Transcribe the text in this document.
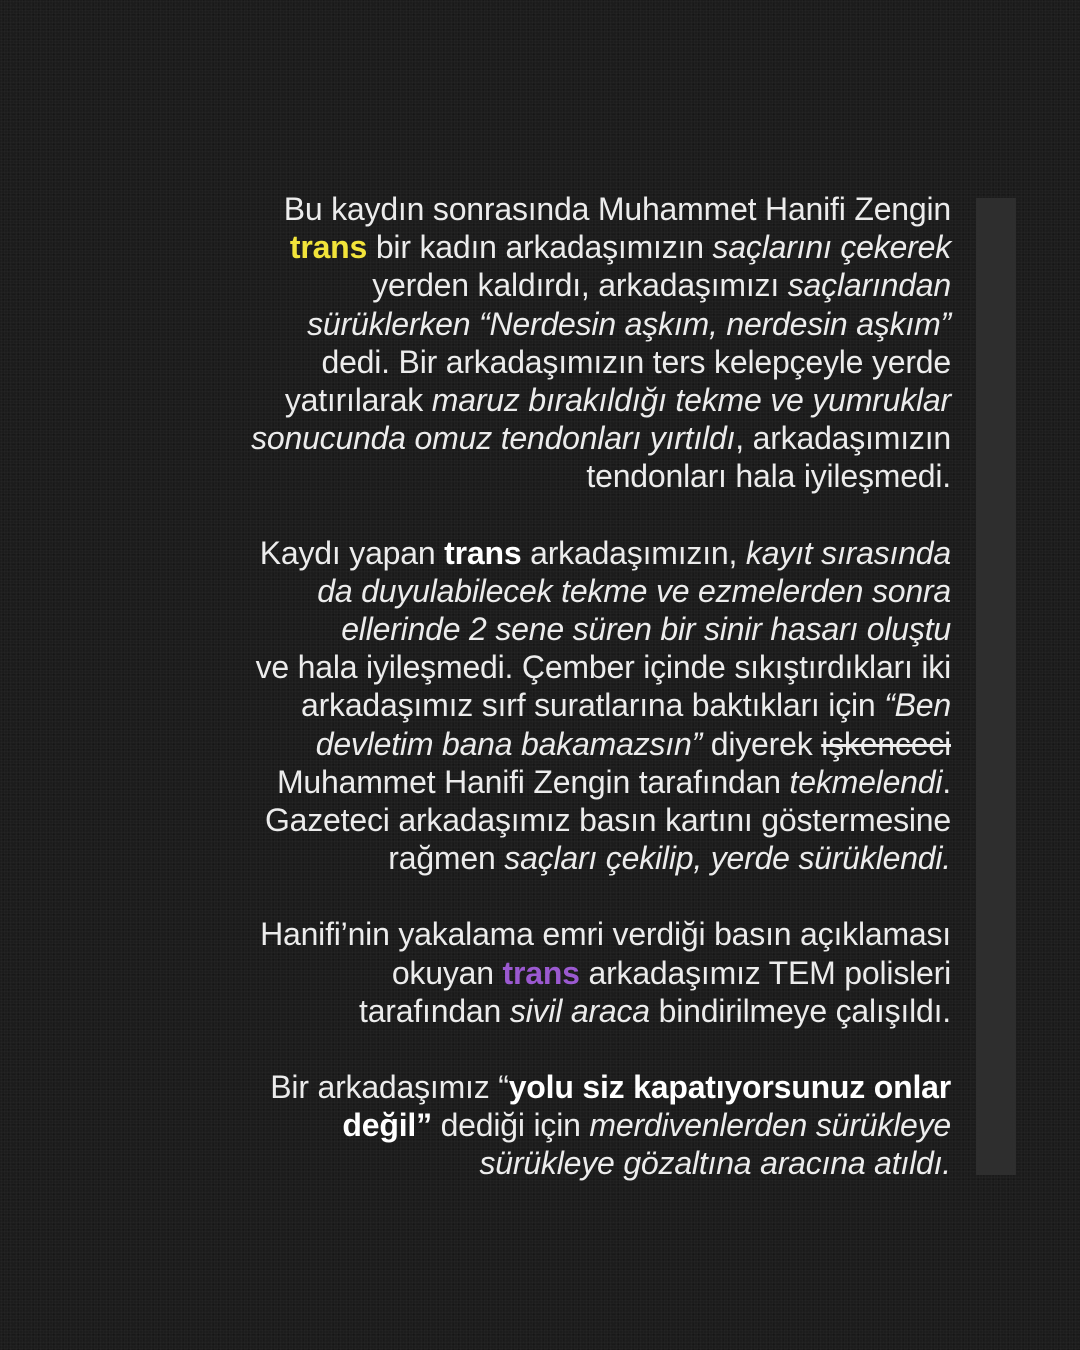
Bu kaydın sonrasında Muhammet Hanifi Zengin
trans bir kadın arkadaşımızın saçlarını çekerek
yerden kaldırdı, arkadaşımızı saçlarından
sürüklerken “Nerdesin aşkım, nerdesin aşkım”
dedi. Bir arkadaşımızın ters kelepçeyle yerde
yatırılarak maruz bırakıldığı tekme ve yumruklar
sonucunda omuz tendonları yırtıldı, arkadaşımızın
tendonları hala iyileşmedi.
Kaydı yapan trans arkadaşımızın, kayıt sırasında
da duyulabilecek tekme ve ezmelerden sonra
ellerinde 2 sene süren bir sinir hasarı oluştu
ve hala iyileşmedi. Çember içinde sıkıştırdıkları iki
arkadaşımız sırf suratlarına baktıkları için “Ben
devletim bana bakamazsın” diyerek işkenceci
Muhammet Hanifi Zengin tarafından tekmelendi.
Gazeteci arkadaşımız basın kartını göstermesine
rağmen saçları çekilip, yerde sürüklendi.
Hanifi’nin yakalama emri verdiği basın açıklaması
okuyan trans arkadaşımız TEM polisleri
tarafından sivil araca bindirilmeye çalışıldı.
Bir arkadaşımız “yolu siz kapatıyorsunuz onlar
değil” dediği için merdivenlerden sürükleye
sürükleye gözaltına aracına atıldı.
